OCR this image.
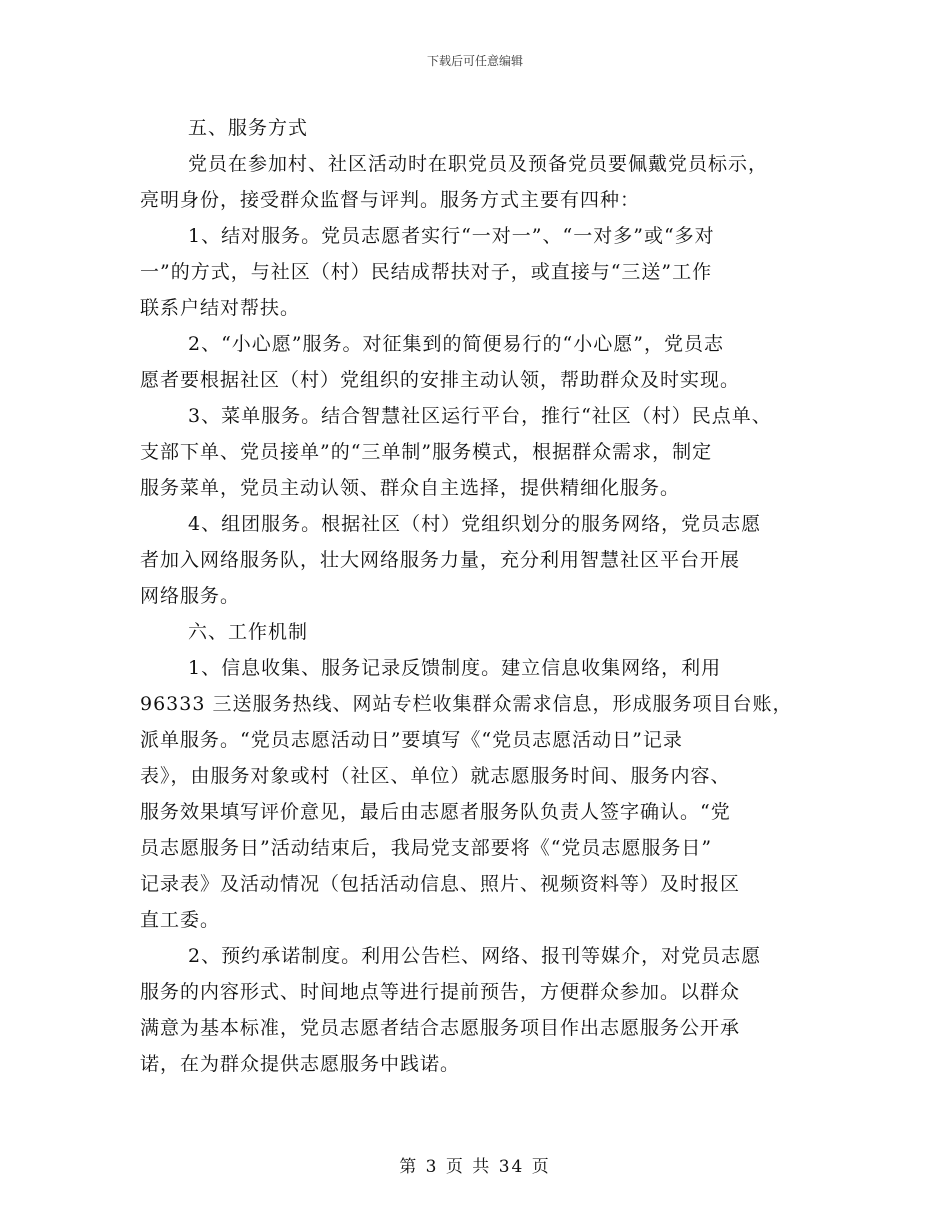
下载后可任意编辑
五、服务方式
党员在参加村、社区活动时在职党员及预备党员要佩戴党员标示，
亮明身份，接受群众监督与评判。服务方式主要有四种：
1、结对服务。党员志愿者实行“一对一”、“一对多”或“多对
一”的方式，与社区（村）民结成帮扶对子，或直接与“三送”工作
联系户结对帮扶。
2、“小心愿”服务。对征集到的简便易行的“小心愿”，党员志
愿者要根据社区（村）党组织的安排主动认领，帮助群众及时实现。
3、菜单服务。结合智慧社区运行平台，推行“社区（村）民点单、
支部下单、党员接单”的“三单制”服务模式，根据群众需求，制定
服务菜单，党员主动认领、群众自主选择，提供精细化服务。
4、组团服务。根据社区（村）党组织划分的服务网络，党员志愿
者加入网络服务队，壮大网络服务力量，充分利用智慧社区平台开展
网络服务。
六、工作机制
1、信息收集、服务记录反馈制度。建立信息收集网络，利用
96333 三送服务热线、网站专栏收集群众需求信息，形成服务项目台账，
派单服务。“党员志愿活动日”要填写《“党员志愿活动日”记录
表》，由服务对象或村（社区、单位）就志愿服务时间、服务内容、
服务效果填写评价意见，最后由志愿者服务队负责人签字确认。“党
员志愿服务日”活动结束后，我局党支部要将《“党员志愿服务日”
记录表》及活动情况（包括活动信息、照片、视频资料等）及时报区
直工委。
2、预约承诺制度。利用公告栏、网络、报刊等媒介，对党员志愿
服务的内容形式、时间地点等进行提前预告，方便群众参加。以群众
满意为基本标准，党员志愿者结合志愿服务项目作出志愿服务公开承
诺，在为群众提供志愿服务中践诺。
第 3 页 共 34 页
